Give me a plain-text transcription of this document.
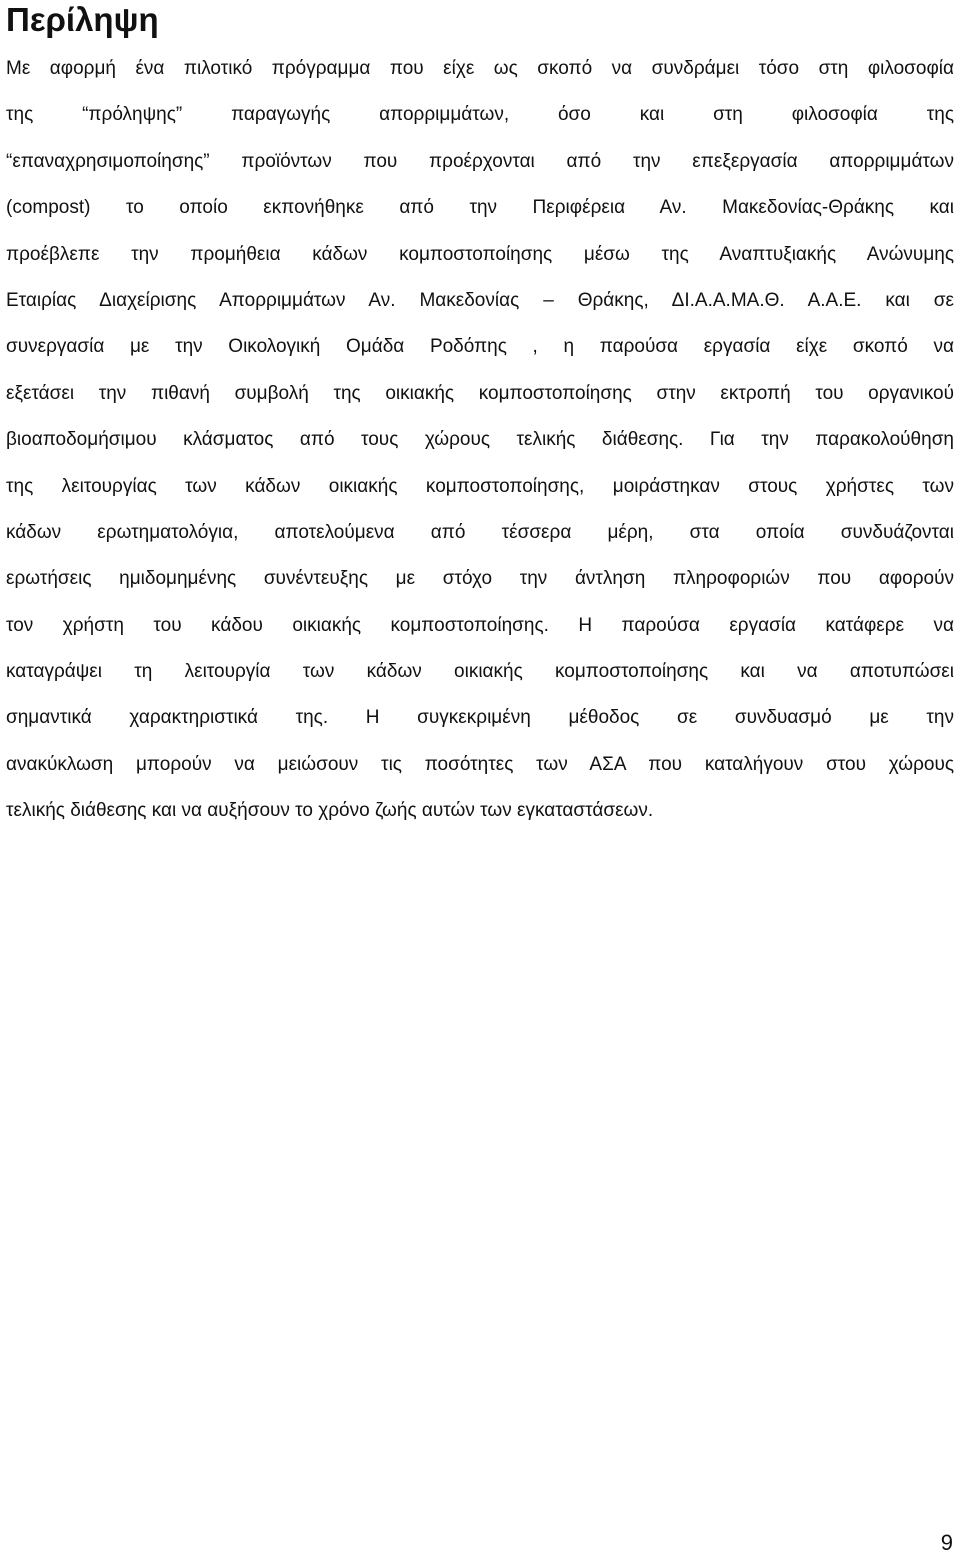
Περίληψη
Με αφορμή ένα πιλοτικό πρόγραμμα που είχε ως σκοπό να συνδράμει τόσο στη φιλοσοφία
της “πρόληψης” παραγωγής απορριμμάτων, όσο και στη φιλοσοφία της
“επαναχρησιμοποίησης” προϊόντων που προέρχονται από την επεξεργασία απορριμμάτων
(compost) το οποίο εκπονήθηκε από την Περιφέρεια Αν. Μακεδονίας-Θράκης και
προέβλεπε την προμήθεια κάδων κομποστοποίησης μέσω της Αναπτυξιακής Ανώνυμης
Εταιρίας Διαχείρισης Απορριμμάτων Αν. Μακεδονίας – Θράκης, ΔΙ.Α.Α.ΜΑ.Θ. Α.Α.Ε. και σε
συνεργασία με την Οικολογική Ομάδα Ροδόπης , η παρούσα εργασία είχε σκοπό να
εξετάσει την πιθανή συμβολή της οικιακής κομποστοποίησης στην εκτροπή του οργανικού
βιοαποδομήσιμου κλάσματος από τους χώρους τελικής διάθεσης. Για την παρακολούθηση
της λειτουργίας των κάδων οικιακής κομποστοποίησης, μοιράστηκαν στους χρήστες των
κάδων ερωτηματολόγια, αποτελούμενα από τέσσερα μέρη, στα οποία συνδυάζονται
ερωτήσεις ημιδομημένης συνέντευξης με στόχο την άντληση πληροφοριών που αφορούν
τον χρήστη του κάδου οικιακής κομποστοποίησης. Η παρούσα εργασία κατάφερε να
καταγράψει τη λειτουργία των κάδων οικιακής κομποστοποίησης και να αποτυπώσει
σημαντικά χαρακτηριστικά της. Η συγκεκριμένη μέθοδος σε συνδυασμό με την
ανακύκλωση μπορούν να μειώσουν τις ποσότητες των ΑΣΑ που καταλήγουν στου χώρους
τελικής διάθεσης και να αυξήσουν το χρόνο ζωής αυτών των εγκαταστάσεων.
9
